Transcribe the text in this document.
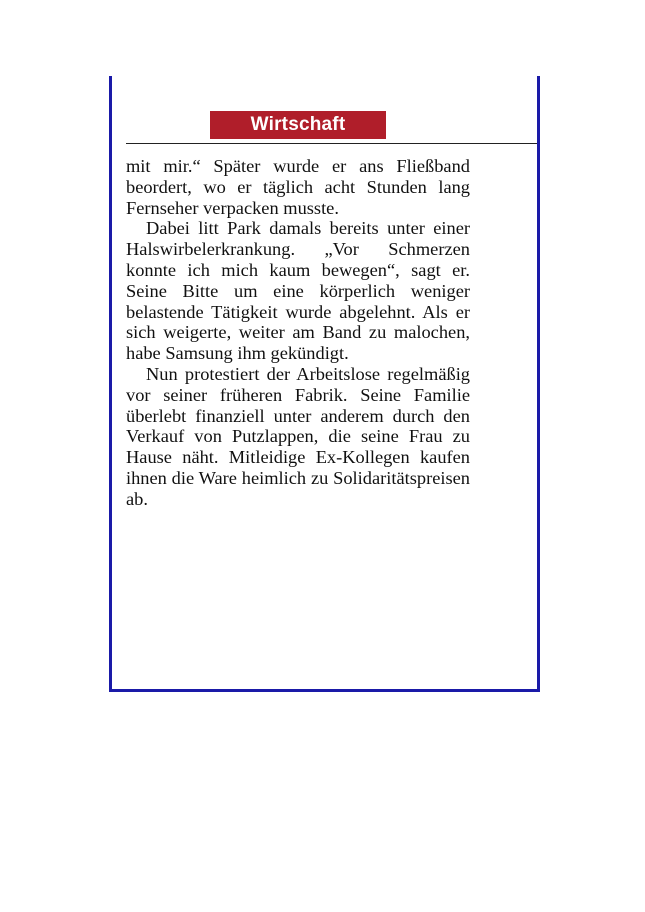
Wirtschaft

mit mir.“ Später wurde er ans Fließband beordert, wo er täglich acht Stunden lang Fernseher verpacken musste.

Dabei litt Park damals bereits unter einer Halswirbelerkrankung. „Vor Schmerzen konnte ich mich kaum bewegen“, sagt er. Seine Bitte um eine körperlich weniger belastende Tätigkeit wurde abgelehnt. Als er sich weigerte, weiter am Band zu malochen, habe Samsung ihm gekündigt.

Nun protestiert der Arbeitslose regelmäßig vor seiner früheren Fabrik. Seine Familie überlebt finanziell unter anderem durch den Verkauf von Putzlappen, die seine Frau zu Hause näht. Mitleidige Ex-Kollegen kaufen ihnen die Ware heimlich zu Solidaritätspreisen ab.
